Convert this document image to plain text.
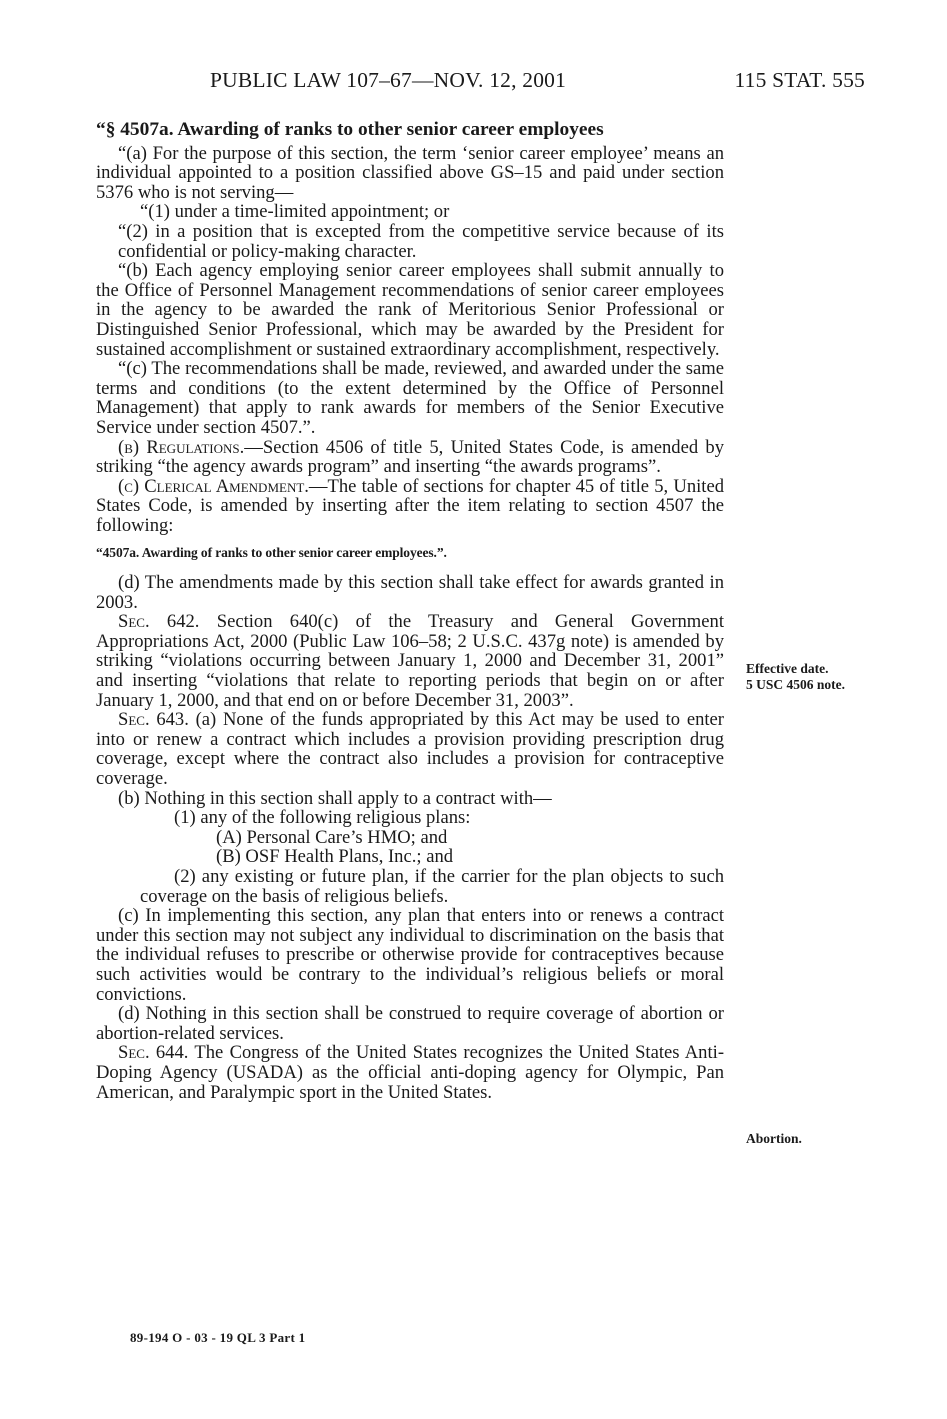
PUBLIC LAW 107–67—NOV. 12, 2001	115 STAT. 555
“§ 4507a. Awarding of ranks to other senior career employees

“(a) For the purpose of this section, the term ‘senior career employee’ means an individual appointed to a position classified above GS–15 and paid under section 5376 who is not serving—

“(1) under a time-limited appointment; or

“(2) in a position that is excepted from the competitive service because of its confidential or policy-making character.

“(b) Each agency employing senior career employees shall submit annually to the Office of Personnel Management recommendations of senior career employees in the agency to be awarded the rank of Meritorious Senior Professional or Distinguished Senior Professional, which may be awarded by the President for sustained accomplishment or sustained extraordinary accomplishment, respectively.

“(c) The recommendations shall be made, reviewed, and awarded under the same terms and conditions (to the extent determined by the Office of Personnel Management) that apply to rank awards for members of the Senior Executive Service under section 4507.”.

(b) Regulations.—Section 4506 of title 5, United States Code, is amended by striking “the agency awards program” and inserting “the awards programs”.

(c) Clerical Amendment.—The table of sections for chapter 45 of title 5, United States Code, is amended by inserting after the item relating to section 4507 the following:

“4507a. Awarding of ranks to other senior career employees.”.

(d) The amendments made by this section shall take effect for awards granted in 2003.

Sec. 642. Section 640(c) of the Treasury and General Government Appropriations Act, 2000 (Public Law 106–58; 2 U.S.C. 437g note) is amended by striking “violations occurring between January 1, 2000 and December 31, 2001” and inserting “violations that relate to reporting periods that begin on or after January 1, 2000, and that end on or before December 31, 2003”.

Sec. 643. (a) None of the funds appropriated by this Act may be used to enter into or renew a contract which includes a provision providing prescription drug coverage, except where the contract also includes a provision for contraceptive coverage.

(b) Nothing in this section shall apply to a contract with—

(1) any of the following religious plans:

(A) Personal Care’s HMO; and

(B) OSF Health Plans, Inc.; and

(2) any existing or future plan, if the carrier for the plan objects to such coverage on the basis of religious beliefs.

(c) In implementing this section, any plan that enters into or renews a contract under this section may not subject any individual to discrimination on the basis that the individual refuses to prescribe or otherwise provide for contraceptives because such activities would be contrary to the individual’s religious beliefs or moral convictions.

(d) Nothing in this section shall be construed to require coverage of abortion or abortion-related services.

Sec. 644. The Congress of the United States recognizes the United States Anti-Doping Agency (USADA) as the official anti-doping agency for Olympic, Pan American, and Paralympic sport in the United States.

Effective date.
5 USC 4506 note.
Abortion.
89-194 O - 03 - 19 QL 3 Part 1
